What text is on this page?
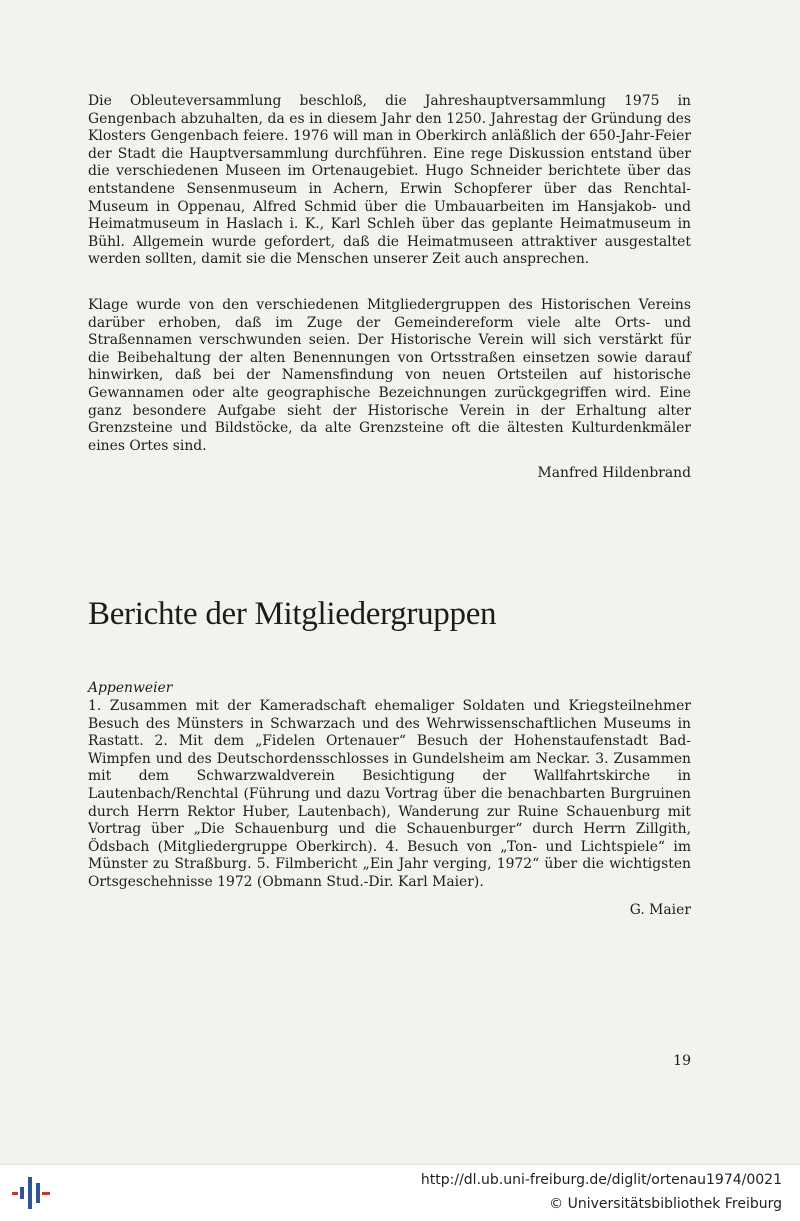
Die Obleuteversammlung beschloß, die Jahreshauptversammlung 1975 in Gengenbach abzuhalten, da es in diesem Jahr den 1250. Jahrestag der Gründung des Klosters Gengenbach feiere. 1976 will man in Oberkirch anläßlich der 650-Jahr-Feier der Stadt die Hauptversammlung durchführen. Eine rege Diskussion entstand über die verschiedenen Museen im Ortenaugebiet. Hugo Schneider berichtete über das entstandene Sensenmuseum in Achern, Erwin Schopferer über das Renchtal-Museum in Oppenau, Alfred Schmid über die Umbauarbeiten im Hansjakob- und Heimatmuseum in Haslach i. K., Karl Schleh über das geplante Heimatmuseum in Bühl. Allgemein wurde gefordert, daß die Heimatmuseen attraktiver ausgestaltet werden sollten, damit sie die Menschen unserer Zeit auch ansprechen.

Klage wurde von den verschiedenen Mitgliedergruppen des Historischen Vereins darüber erhoben, daß im Zuge der Gemeindereform viele alte Orts- und Straßennamen verschwunden seien. Der Historische Verein will sich verstärkt für die Beibehaltung der alten Benennungen von Ortsstraßen einsetzen sowie darauf hinwirken, daß bei der Namensfindung von neuen Ortsteilen auf historische Gewannamen oder alte geographische Bezeichnungen zurückgegriffen wird. Eine ganz besondere Aufgabe sieht der Historische Verein in der Erhaltung alter Grenzsteine und Bildstöcke, da alte Grenzsteine oft die ältesten Kulturdenkmäler eines Ortes sind.

Manfred Hildenbrand
Berichte der Mitgliedergruppen
Appenweier

1. Zusammen mit der Kameradschaft ehemaliger Soldaten und Kriegsteilnehmer Besuch des Münsters in Schwarzach und des Wehrwissenschaftlichen Museums in Rastatt. 2. Mit dem „Fidelen Ortenauer“ Besuch der Hohenstaufenstadt Bad-Wimpfen und des Deutschordensschlosses in Gundelsheim am Neckar. 3. Zusammen mit dem Schwarzwaldverein Besichtigung der Wallfahrtskirche in Lautenbach/Renchtal (Führung und dazu Vortrag über die benachbarten Burgruinen durch Herrn Rektor Huber, Lautenbach), Wanderung zur Ruine Schauenburg mit Vortrag über „Die Schauenburg und die Schauenburger“ durch Herrn Zillgith, Ödsbach (Mitgliedergruppe Oberkirch). 4. Besuch von „Ton- und Lichtspiele“ im Münster zu Straßburg. 5. Filmbericht „Ein Jahr verging, 1972“ über die wichtigsten Ortsgeschehnisse 1972 (Obmann Stud.-Dir. Karl Maier).

G. Maier
19
http://dl.ub.uni-freiburg.de/diglit/ortenau1974/0021
© Universitätsbibliothek Freiburg
